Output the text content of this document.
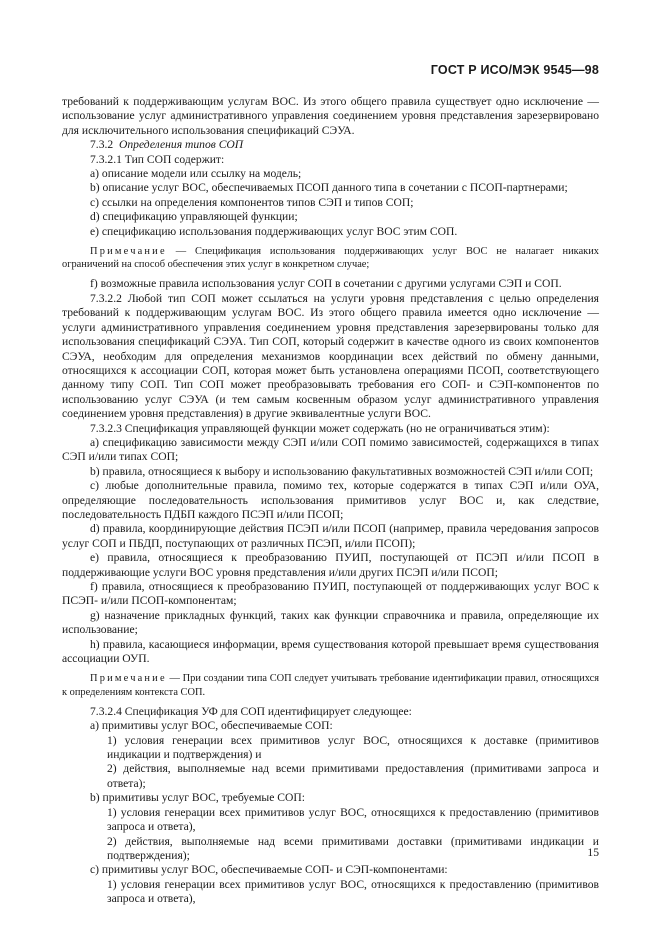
ГОСТ Р ИСО/МЭК 9545—98

требований к поддерживающим услугам ВОС. Из этого общего правила существует одно исключение — использование услуг административного управления соединением уровня представления зарезервировано для исключительного использования спецификаций СЭУА.

7.3.2 Определения типов СОП

7.3.2.1 Тип СОП содержит:

a) описание модели или ссылку на модель;

b) описание услуг ВОС, обеспечиваемых ПСОП данного типа в сочетании с ПСОП-партнерами;

c) ссылки на определения компонентов типов СЭП и типов СОП;

d) спецификацию управляющей функции;

e) спецификацию использования поддерживающих услуг ВОС этим СОП.

Примечание — Спецификация использования поддерживающих услуг ВОС не налагает никаких ограничений на способ обеспечения этих услуг в конкретном случае;

f) возможные правила использования услуг СОП в сочетании с другими услугами СЭП и СОП.

7.3.2.2 Любой тип СОП может ссылаться на услуги уровня представления с целью определения требований к поддерживающим услугам ВОС. Из этого общего правила имеется одно исключение — услуги административного управления соединением уровня представления зарезервированы только для использования спецификаций СЭУА. Тип СОП, который содержит в качестве одного из своих компонентов СЭУА, необходим для определения механизмов координации всех действий по обмену данными, относящихся к ассоциации СОП, которая может быть установлена операциями ПСОП, соответствующего данному типу СОП. Тип СОП может преобразовывать требования его СОП- и СЭП-компонентов по использованию услуг СЭУА (и тем самым косвенным образом услуг административного управления соединением уровня представления) в другие эквивалентные услуги ВОС.

7.3.2.3 Спецификация управляющей функции может содержать (но не ограничиваться этим):

a) спецификацию зависимости между СЭП и/или СОП помимо зависимостей, содержащихся в типах СЭП и/или типах СОП;

b) правила, относящиеся к выбору и использованию факультативных возможностей СЭП и/или СОП;

c) любые дополнительные правила, помимо тех, которые содержатся в типах СЭП и/или ОУА, определяющие последовательность использования примитивов услуг ВОС и, как следствие, последовательность ПДБП каждого ПСЭП и/или ПСОП;

d) правила, координирующие действия ПСЭП и/или ПСОП (например, правила чередования запросов услуг СОП и ПБДП, поступающих от различных ПСЭП, и/или ПСОП);

e) правила, относящиеся к преобразованию ПУИП, поступающей от ПСЭП и/или ПСОП в поддерживающие услуги ВОС уровня представления и/или других ПСЭП и/или ПСОП;

f) правила, относящиеся к преобразованию ПУИП, поступающей от поддерживающих услуг ВОС к ПСЭП- и/или ПСОП-компонентам;

g) назначение прикладных функций, таких как функции справочника и правила, определяющие их использование;

h) правила, касающиеся информации, время существования которой превышает время существования ассоциации ОУП.

Примечание — При создании типа СОП следует учитывать требование идентификации правил, относящихся к определениям контекста СОП.

7.3.2.4 Спецификация УФ для СОП идентифицирует следующее:

a) примитивы услуг ВОС, обеспечиваемые СОП:

1) условия генерации всех примитивов услуг ВОС, относящихся к доставке (примитивов индикации и подтверждения) и

2) действия, выполняемые над всеми примитивами предоставления (примитивами запроса и ответа);

b) примитивы услуг ВОС, требуемые СОП:

1) условия генерации всех примитивов услуг ВОС, относящихся к предоставлению (примитивов запроса и ответа),

2) действия, выполняемые над всеми примитивами доставки (примитивами индикации и подтверждения);

c) примитивы услуг ВОС, обеспечиваемые СОП- и СЭП-компонентами:

1) условия генерации всех примитивов услуг ВОС, относящихся к предоставлению (примитивов запроса и ответа),

15
